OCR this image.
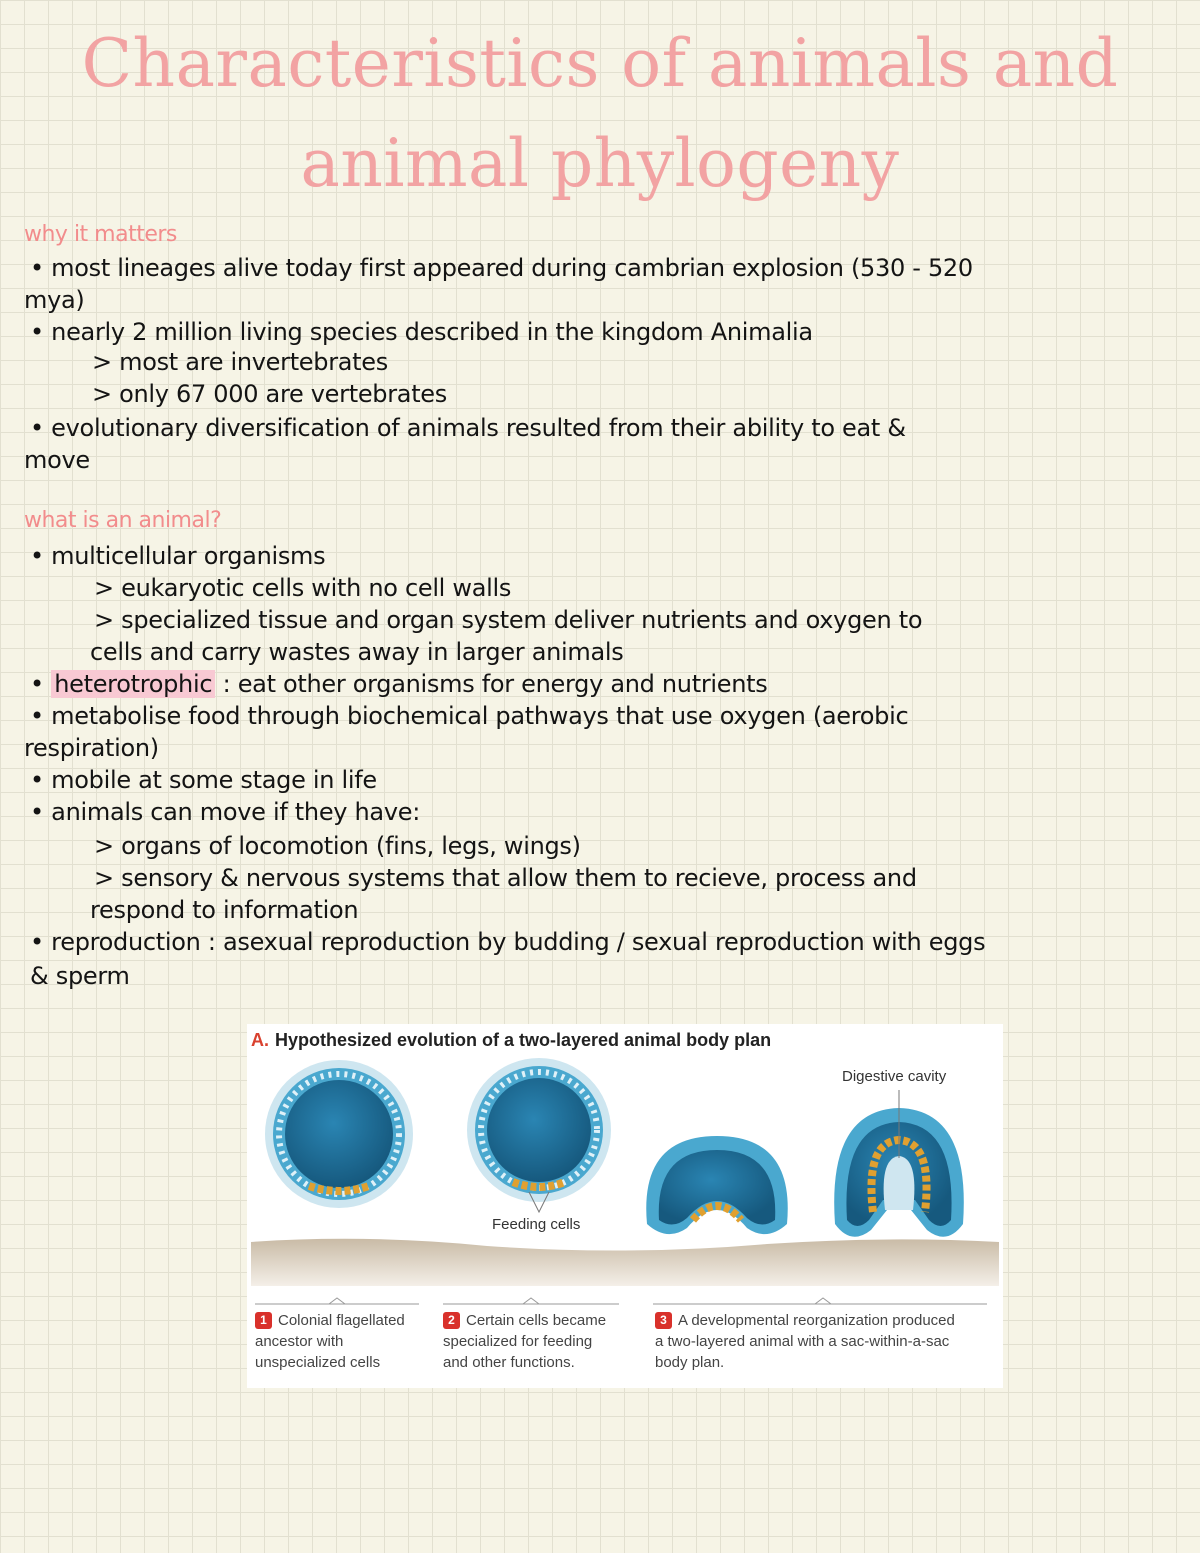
Characteristics of animals and
animal phylogeny
why it matters
• most lineages alive today first appeared during cambrian explosion (530 - 520
mya)
• nearly 2 million living species described in the kingdom Animalia
> most are invertebrates
> only 67 000 are vertebrates
• evolutionary diversification of animals resulted from their ability to eat &
move
what is an animal?
• multicellular organisms
> eukaryotic cells with no cell walls
> specialized tissue and organ system deliver nutrients and oxygen to
cells and carry wastes away in larger animals
• heterotrophic : eat other organisms for energy and nutrients
• metabolise food through biochemical pathways that use oxygen (aerobic
respiration)
• mobile at some stage in life
• animals can move if they have:
> organs of locomotion (fins, legs, wings)
> sensory & nervous systems that allow them to recieve, process and
respond to information
• reproduction : asexual reproduction by budding / sexual reproduction with eggs
& sperm
A. Hypothesized evolution of a two-layered animal body plan
Digestive cavity
Feeding cells
1 Colonial flagellated
ancestor with
unspecialized cells
2 Certain cells became
specialized for feeding
and other functions.
3 A developmental reorganization produced
a two-layered animal with a sac-within-a-sac
body plan.
